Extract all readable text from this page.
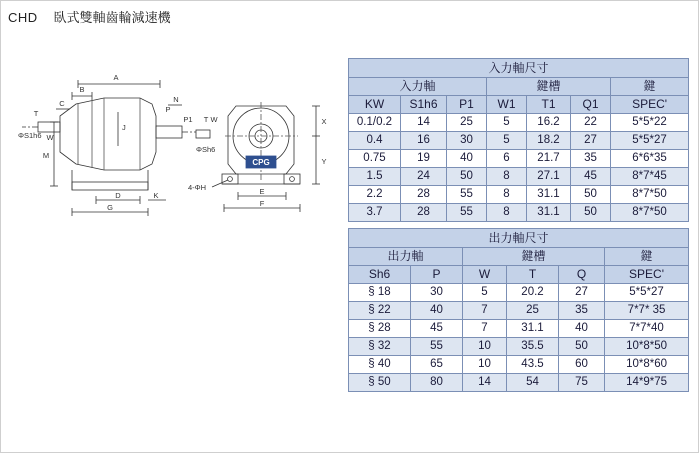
CHD 臥式雙軸齒輪減速機
A
B
C	N
ΦS1h6
T
W
P
P1
J
M
D	K
G
CPG
ΦSh6
T W	X
Y
4-ΦH	E
F
入力軸尺寸						
入力軸			鍵槽			鍵
KW	S1h6	P1	W1	T1	Q1	SPEC'
0.1/0.2	14	25	5	16.2	22	5*5*22
0.4	16	30	5	18.2	27	5*5*27
0.75	19	40	6	21.7	35	6*6*35
1.5	24	50	8	27.1	45	8*7*45
2.2	28	55	8	31.1	50	8*7*50
3.7	28	55	8	31.1	50	8*7*50
出力軸尺寸					
出力軸		鍵槽			鍵
Sh6	P	W	T	Q	SPEC'
§ 18	30	5	20.2	27	5*5*27
§ 22	40	7	25	35	7*7* 35
§ 28	45	7	31.1	40	7*7*40
§ 32	55	10	35.5	50	10*8*50
§ 40	65	10	43.5	60	10*8*60
§ 50	80	14	54	75	14*9*75
